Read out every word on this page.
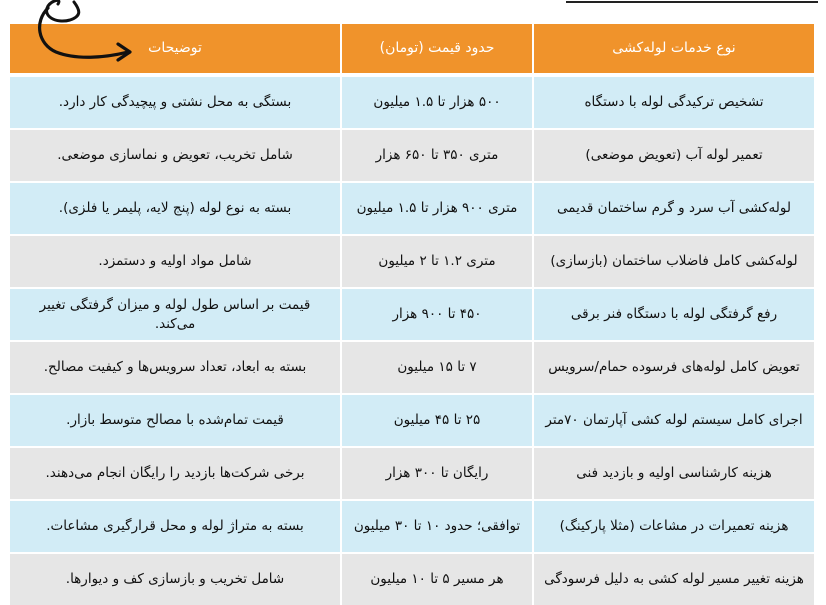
نوع خدمات لوله‌کشی
حدود قیمت (تومان)
توضیحات
تشخیص ترکیدگی لوله با دستگاه
۵۰۰ هزار تا ۱.۵ میلیون
بستگی به محل نشتی و پیچیدگی کار دارد.
تعمیر لوله آب (تعویض موضعی)
متری ۳۵۰ تا ۶۵۰ هزار
شامل تخریب، تعویض و نماسازی موضعی.
لوله‌کشی آب سرد و گرم ساختمان قدیمی
متری ۹۰۰ هزار تا ۱.۵ میلیون
بسته به نوع لوله (پنج لایه، پلیمر یا فلزی).
لوله‌کشی کامل فاضلاب ساختمان (بازسازی)
متری ۱.۲ تا ۲ میلیون
شامل مواد اولیه و دستمزد.
رفع گرفتگی لوله با دستگاه فنر برقی
۴۵۰ تا ۹۰۰ هزار
قیمت بر اساس طول لوله و میزان گرفتگی تغییر می‌کند.
تعویض کامل لوله‌های فرسوده حمام/سرویس
۷ تا ۱۵ میلیون
بسته به ابعاد، تعداد سرویس‌ها و کیفیت مصالح.
اجرای کامل سیستم لوله کشی آپارتمان ۷۰متر
۲۵ تا ۴۵ میلیون
قیمت تمام‌شده با مصالح متوسط بازار.
هزینه کارشناسی اولیه و بازدید فنی
رایگان تا ۳۰۰ هزار
برخی شرکت‌ها بازدید را رایگان انجام می‌دهند.
هزینه تعمیرات در مشاعات (مثلا پارکینگ)
توافقی؛ حدود ۱۰ تا ۳۰ میلیون
بسته به متراژ لوله و محل قرارگیری مشاعات.
هزینه تغییر مسیر لوله کشی به دلیل فرسودگی
هر مسیر ۵ تا ۱۰ میلیون
شامل تخریب و بازسازی کف و دیوارها.
